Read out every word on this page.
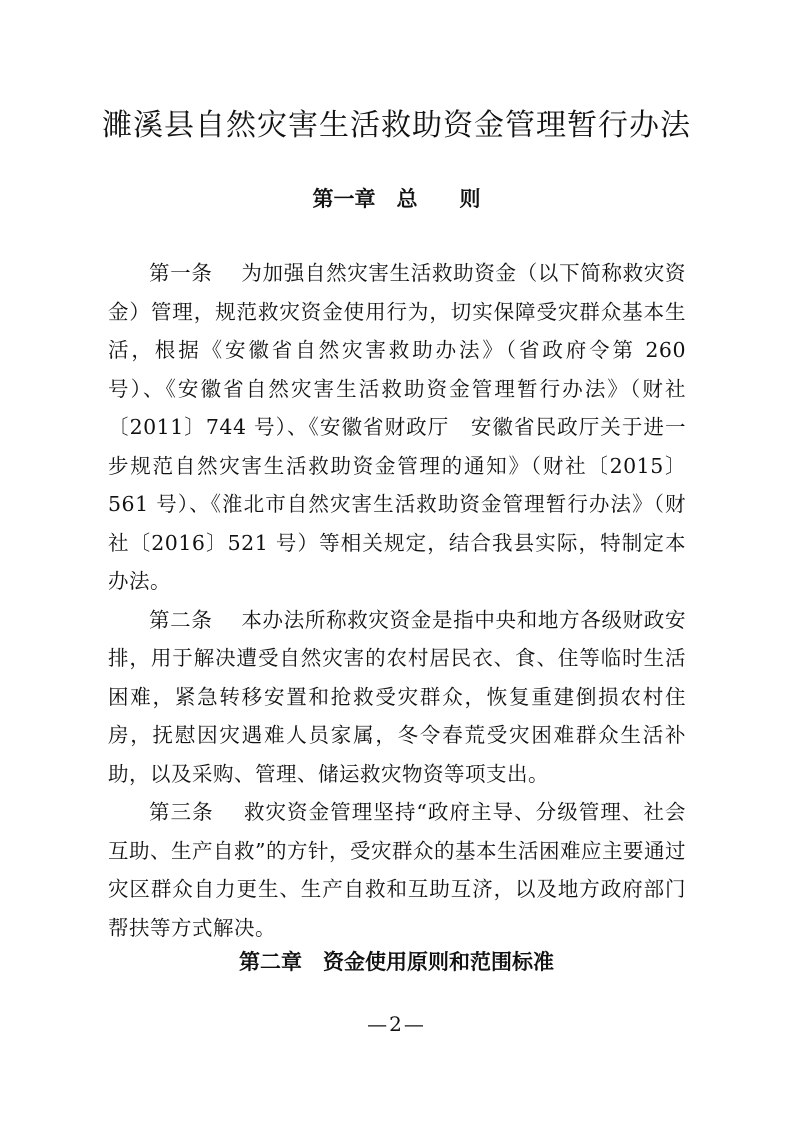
濉溪县自然灾害生活救助资金管理暂行办法
第一章　总　　则

第一条 为加强自然灾害生活救助资金（以下简称救灾资金）管理，规范救灾资金使用行为，切实保障受灾群众基本生活，根据《安徽省自然灾害救助办法》（省政府令第 260 号）、《安徽省自然灾害生活救助资金管理暂行办法》（财社〔2011〕744 号）、《安徽省财政厅　安徽省民政厅关于进一步规范自然灾害生活救助资金管理的通知》（财社〔2015〕561 号）、《淮北市自然灾害生活救助资金管理暂行办法》（财社〔2016〕521 号）等相关规定，结合我县实际，特制定本办法。

第二条 本办法所称救灾资金是指中央和地方各级财政安排，用于解决遭受自然灾害的农村居民衣、食、住等临时生活困难，紧急转移安置和抢救受灾群众，恢复重建倒损农村住房，抚慰因灾遇难人员家属，冬令春荒受灾困难群众生活补助，以及采购、管理、储运救灾物资等项支出。

第三条 救灾资金管理坚持“政府主导、分级管理、社会互助、生产自救”的方针，受灾群众的基本生活困难应主要通过灾区群众自力更生、生产自救和互助互济，以及地方政府部门帮扶等方式解决。

第二章　资金使用原则和范围标准
—2—
